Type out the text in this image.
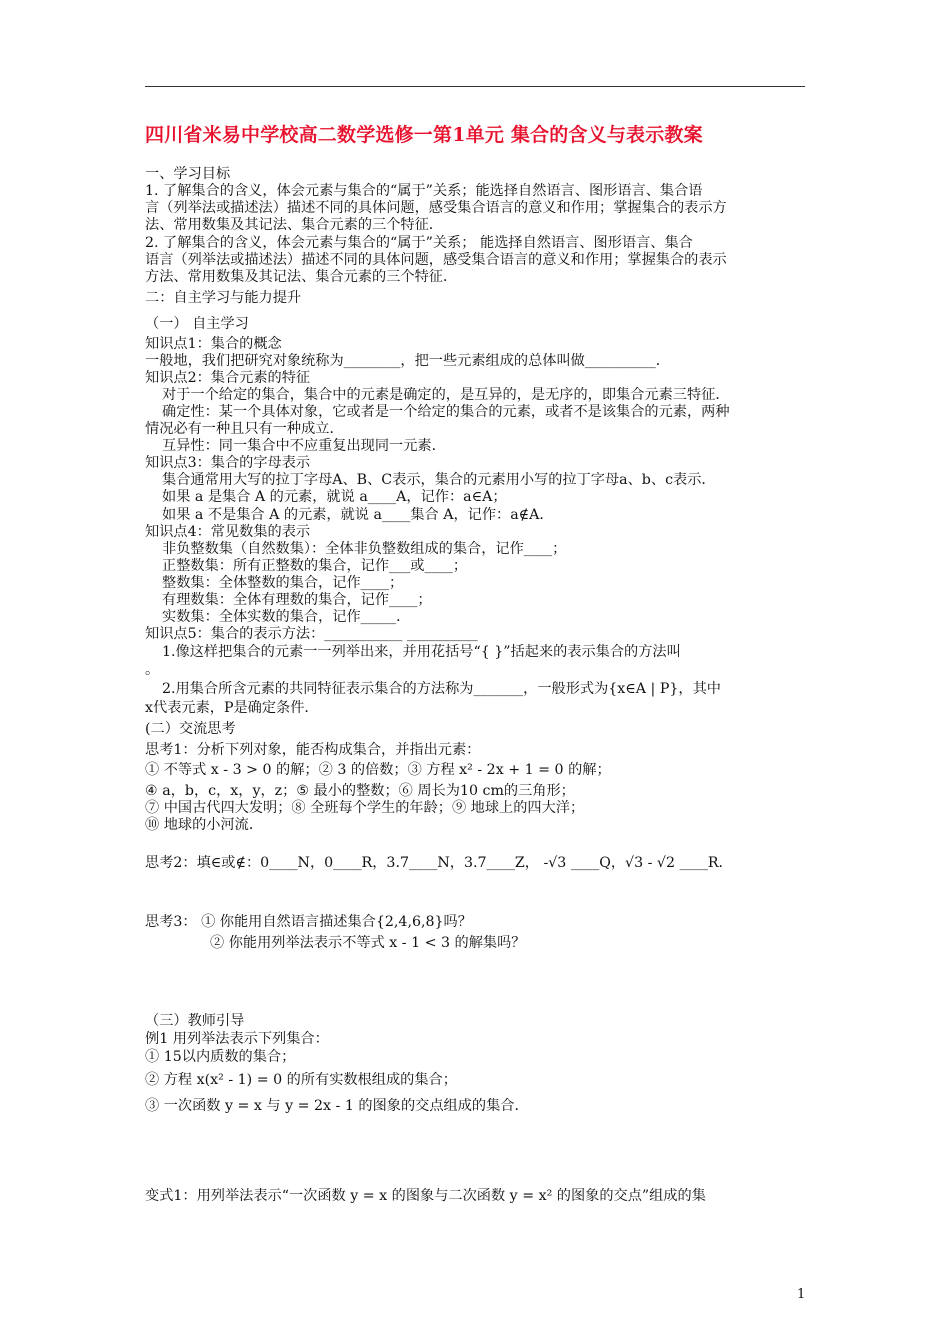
四川省米易中学校高二数学选修一第1单元 集合的含义与表示教案
一、学习目标
1. 了解集合的含义，体会元素与集合的“属于”关系；能选择自然语言、图形语言、集合语
言（列举法或描述法）描述不同的具体问题，感受集合语言的意义和作用；掌握集合的表示方
法、常用数集及其记法、集合元素的三个特征．
2. 了解集合的含义，体会元素与集合的“属于”关系； 能选择自然语言、图形语言、集合
语言（列举法或描述法）描述不同的具体问题，感受集合语言的意义和作用；掌握集合的表示
方法、常用数集及其记法、集合元素的三个特征．
二：自主学习与能力提升
（一） 自主学习
知识点1：集合的概念
一般地，我们把研究对象统称为________，把一些元素组成的总体叫做__________．
知识点2：集合元素的特征
对于一个给定的集合，集合中的元素是确定的，是互异的，是无序的，即集合元素三特征．
确定性：某一个具体对象，它或者是一个给定的集合的元素，或者不是该集合的元素，两种
情况必有一种且只有一种成立．
互异性：同一集合中不应重复出现同一元素．
知识点3：集合的字母表示
集合通常用大写的拉丁字母A、B、C表示，集合的元素用小写的拉丁字母a、b、c表示．
如果 a 是集合 A 的元素，就说 a____A，记作：a∈A；
如果 a 不是集合 A 的元素，就说 a____集合 A，记作：a∉A．
知识点4：常见数集的表示
非负整数集（自然数集）：全体非负整数组成的集合，记作____；
正整数集：所有正整数的集合，记作___或____；
整数集：全体整数的集合，记作____；
有理数集：全体有理数的集合，记作____；
实数集：全体实数的集合，记作_____．
知识点5：集合的表示方法：___________ __________
1.像这样把集合的元素一一列举出来，并用花括号“{ }”括起来的表示集合的方法叫
。
2.用集合所含元素的共同特征表示集合的方法称为_______，一般形式为{x∈A | P}，其中
x代表元素，P是确定条件．
(二）交流思考
思考1：分析下列对象，能否构成集合，并指出元素：
① 不等式 x - 3 > 0 的解；② 3 的倍数；③ 方程 x² - 2x + 1 = 0 的解；
④ a，b，c，x，y，z；⑤ 最小的整数；⑥ 周长为10 cm的三角形；
⑦ 中国古代四大发明；⑧ 全班每个学生的年龄；⑨ 地球上的四大洋；
⑩ 地球的小河流．
思考2：填∈或∉：0____N，0____R，3.7____N，3.7____Z， -√3 ____Q，√3 - √2 ____R．
思考3： ① 你能用自然语言描述集合{2,4,6,8}吗？
② 你能用列举法表示不等式 x - 1 < 3 的解集吗？
（三）教师引导
例1 用列举法表示下列集合：
① 15以内质数的集合；
② 方程 x(x² - 1) = 0 的所有实数根组成的集合；
③ 一次函数 y = x 与 y = 2x - 1 的图象的交点组成的集合．
变式1：用列举法表示“一次函数 y = x 的图象与二次函数 y = x² 的图象的交点”组成的集
1
